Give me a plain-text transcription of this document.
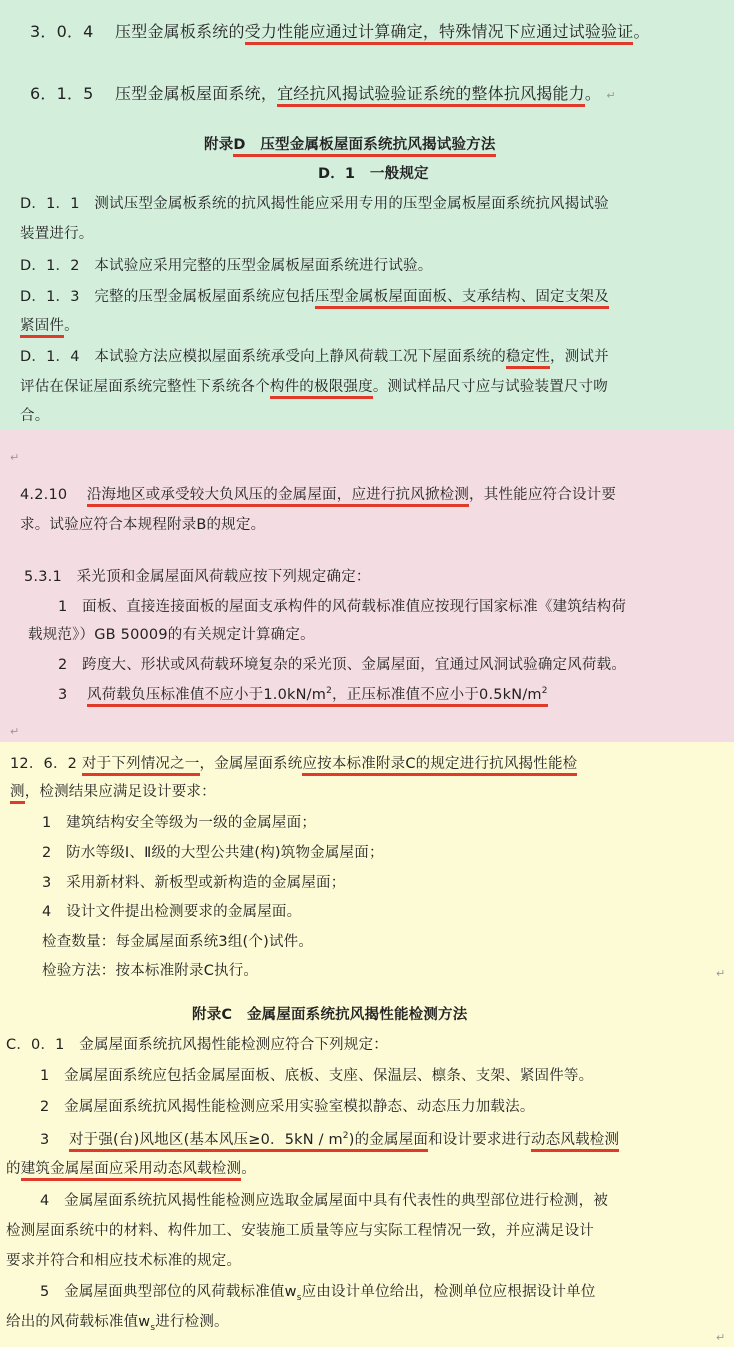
3．0．4　 压型金属板系统的受力性能应通过计算确定，特殊情况下应通过试验验证。
6．1．5　 压型金属板屋面系统，宜经抗风揭试验验证系统的整体抗风揭能力。 ↵
附录D　压型金属板屋面系统抗风揭试验方法
D．1　一般规定
D．1．1　测试压型金属板系统的抗风揭性能应采用专用的压型金属板屋面系统抗风揭试验
装置进行。
D．1．2　本试验应采用完整的压型金属板屋面系统进行试验。
D．1．3　完整的压型金属板屋面系统应包括压型金属板屋面面板、支承结构、固定支架及
紧固件。
D．1．4　本试验方法应模拟屋面系统承受向上静风荷载工况下屋面系统的稳定性，测试并
评估在保证屋面系统完整性下系统各个构件的极限强度。测试样品尺寸应与试验装置尺寸吻
合。
↵
4.2.10　 沿海地区或承受较大负风压的金属屋面，应进行抗风掀检测，其性能应符合设计要
求。试验应符合本规程附录B的规定。
5.3.1　采光顶和金属屋面风荷载应按下列规定确定：
1　面板、直接连接面板的屋面支承构件的风荷载标准值应按现行国家标准《建筑结构荷
载规范》）GB 50009的有关规定计算确定。
2　跨度大、形状或风荷载环境复杂的采光顶、金属屋面，宜通过风洞试验确定风荷载。
3　 风荷载负压标准值不应小于$1.0kN/m^2$，正压标准值不应小于$0.5kN/m^2$
↵
12．6．2 对于下列情况之一，金属屋面系统应按本标准附录C的规定进行抗风揭性能检
测，检测结果应满足设计要求：
1　建筑结构安全等级为一级的金属屋面；
2　防水等级Ⅰ、Ⅱ级的大型公共建(构)筑物金属屋面；
3　采用新材料、新板型或新构造的金属屋面；
4　设计文件提出检测要求的金属屋面。
检查数量：每金属屋面系统3组(个)试件。
检验方法：按本标准附录C执行。	↵
附录C　金属屋面系统抗风揭性能检测方法
C．0．1　金属屋面系统抗风揭性能检测应符合下列规定：
1　金属屋面系统应包括金属屋面板、底板、支座、保温层、檩条、支架、紧固件等。
2　金属屋面系统抗风揭性能检测应采用实验室模拟静态、动态压力加载法。
3　 对于强(台)风地区(基本风压≥0．$5kN / m^2$)的金属屋面和设计要求进行动态风载检测
的建筑金属屋面应采用动态风载检测。
4　金属屋面系统抗风揭性能检测应选取金属屋面中具有代表性的典型部位进行检测，被
检测屋面系统中的材料、构件加工、安装施工质量等应与实际工程情况一致，并应满足设计
要求并符合和相应技术标准的规定。
5　金属屋面典型部位的风荷载标准值$w_s$应由设计单位给出，检测单位应根据设计单位
给出的风荷载标准值$w_s$进行检测。
↵
